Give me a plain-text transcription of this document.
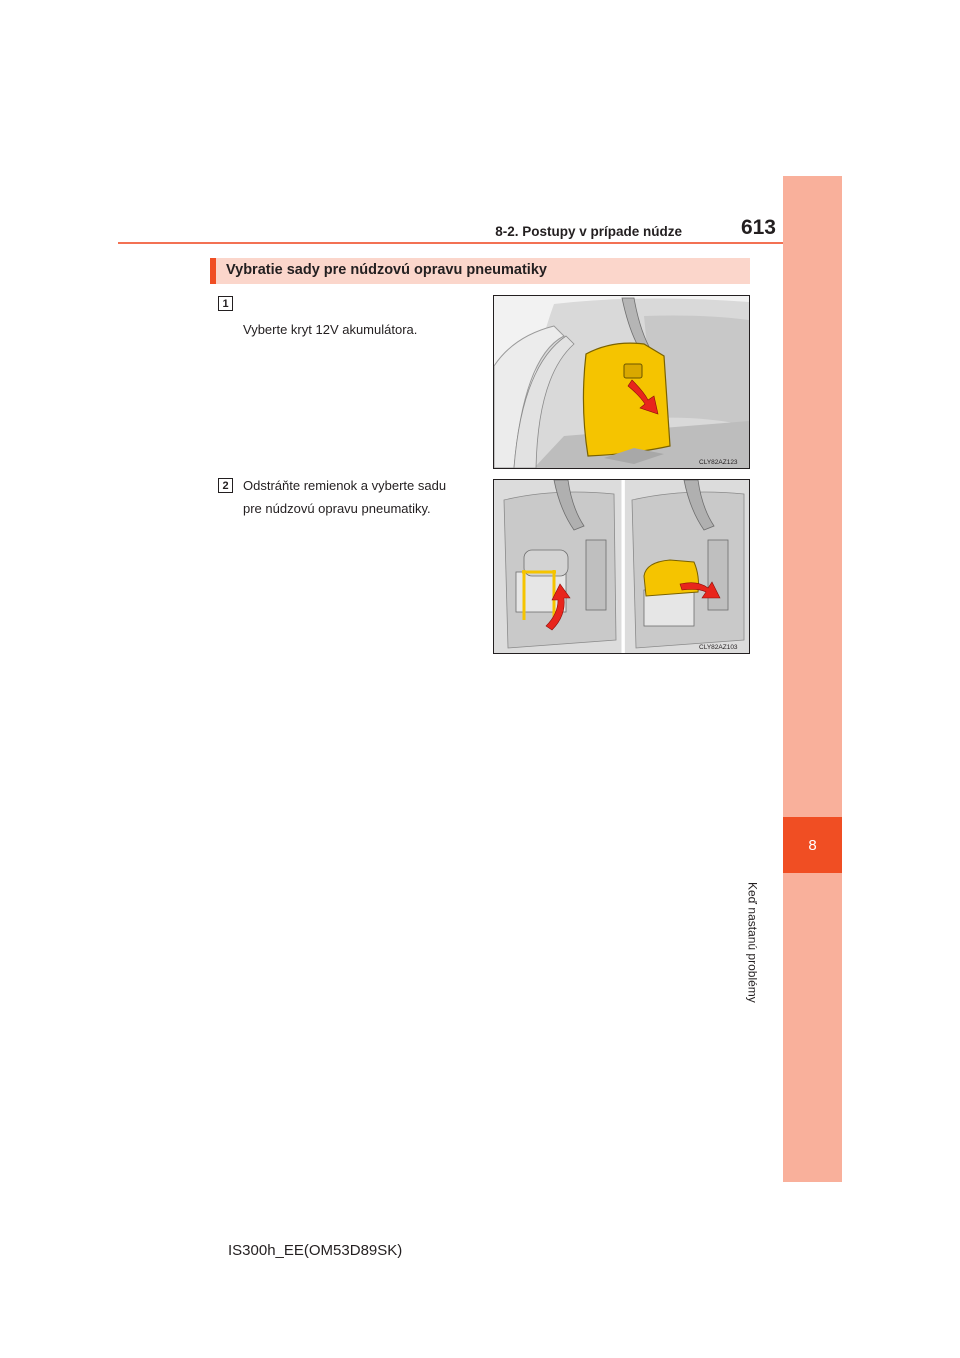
8-2. Postupy v prípade núdze	613
8
Keď nastanú problémy
Vybratie sady pre núdzovú opravu pneumatiky
1
Vyberte kryt 12V akumulátora.
CLY82AZ123
2	Odstráňte remienok a vyberte sadu
pre núdzovú opravu pneumatiky.
CLY82AZ103
IS300h_EE(OM53D89SK)
